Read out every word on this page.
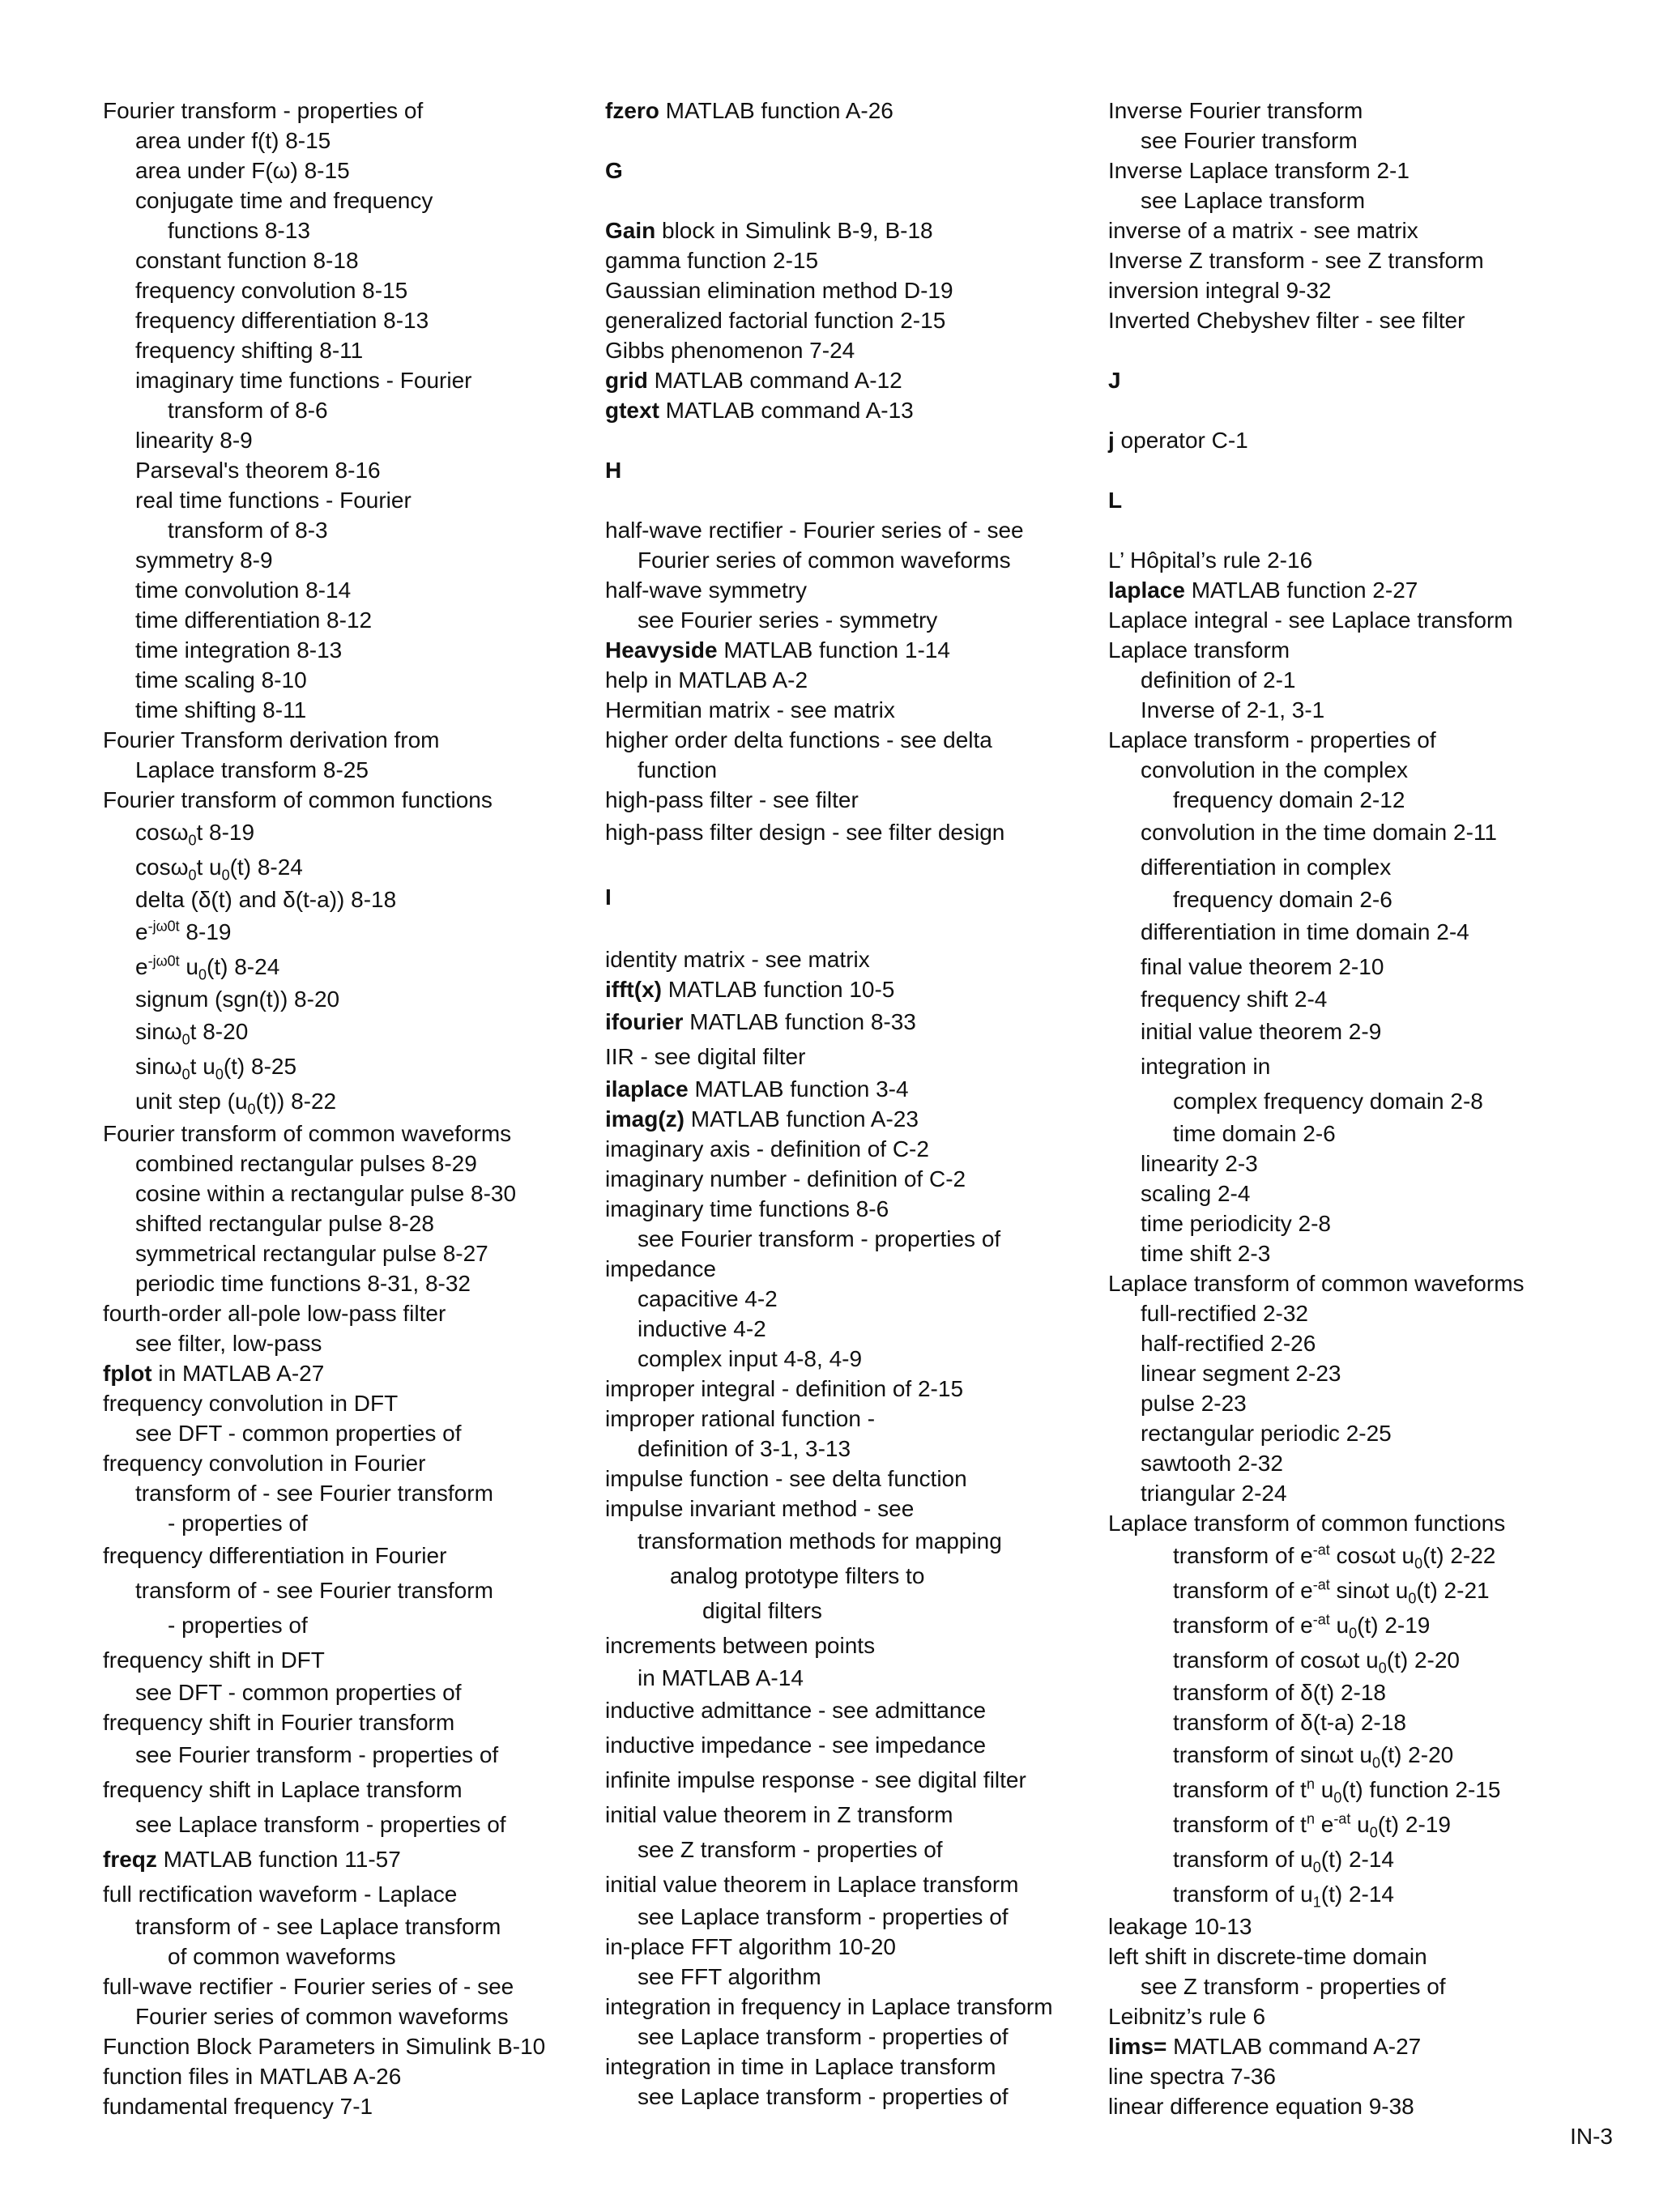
Fourier transform - properties of
area under f(t) 8-15
area under F(ω) 8-15
conjugate time and frequency
functions 8-13
constant function 8-18
frequency convolution 8-15
frequency differentiation 8-13
frequency shifting 8-11
imaginary time functions - Fourier
transform of 8-6
linearity 8-9
Parseval's theorem 8-16
real time functions - Fourier
transform of 8-3
symmetry 8-9
time convolution 8-14
time differentiation 8-12
time integration 8-13
time scaling 8-10
time shifting 8-11
Fourier Transform derivation from
Laplace transform 8-25
Fourier transform of common functions
cosω$_0$t 8-19
cosω$_0$t $u_0(t)$ 8-24
delta (δ(t) and δ(t-a)) 8-18
$e^{-j\omega 0t}$ 8-19
$e^{-j\omega 0t}$ $u_0(t)$ 8-24
signum (sgn(t)) 8-20
sinω$_0$t 8-20
sinω$_0$t $u_0(t)$ 8-25
unit step $(u_0(t))$ 8-22
Fourier transform of common waveforms
combined rectangular pulses 8-29
cosine within a rectangular pulse 8-30
shifted rectangular pulse 8-28
symmetrical rectangular pulse 8-27
periodic time functions 8-31, 8-32
fourth-order all-pole low-pass filter
see filter, low-pass
fplot in MATLAB A-27
frequency convolution in DFT
see DFT - common properties of
frequency convolution in Fourier
transform of - see Fourier transform
- properties of
frequency differentiation in Fourier
transform of - see Fourier transform
- properties of
frequency shift in DFT
see DFT - common properties of
frequency shift in Fourier transform
see Fourier transform - properties of
frequency shift in Laplace transform
see Laplace transform - properties of
freqz MATLAB function 11-57
full rectification waveform - Laplace
transform of - see Laplace transform
of common waveforms
full-wave rectifier - Fourier series of - see
Fourier series of common waveforms
Function Block Parameters in Simulink B-10
function files in MATLAB A-26
fundamental frequency 7-1
fzero MATLAB function A-26
G
Gain block in Simulink B-9, B-18
gamma function 2-15
Gaussian elimination method D-19
generalized factorial function 2-15
Gibbs phenomenon 7-24
grid MATLAB command A-12
gtext MATLAB command A-13
H
half-wave rectifier - Fourier series of - see
Fourier series of common waveforms
half-wave symmetry
see Fourier series - symmetry
Heavyside MATLAB function 1-14
help in MATLAB A-2
Hermitian matrix - see matrix
higher order delta functions - see delta
function
high-pass filter - see filter
high-pass filter design - see filter design
I
identity matrix - see matrix
ifft(x) MATLAB function 10-5
ifourier MATLAB function 8-33
IIR - see digital filter
ilaplace MATLAB function 3-4
imag(z) MATLAB function A-23
imaginary axis - definition of C-2
imaginary number - definition of C-2
imaginary time functions 8-6
see Fourier transform - properties of
impedance
capacitive 4-2
inductive 4-2
complex input 4-8, 4-9
improper integral - definition of 2-15
improper rational function -
definition of 3-1, 3-13
impulse function - see delta function
impulse invariant method - see
transformation methods for mapping
analog prototype filters to
digital filters
increments between points
in MATLAB A-14
inductive admittance - see admittance
inductive impedance - see impedance
infinite impulse response - see digital filter
initial value theorem in Z transform
see Z transform - properties of
initial value theorem in Laplace transform
see Laplace transform - properties of
in-place FFT algorithm 10-20
see FFT algorithm
integration in frequency in Laplace transform
see Laplace transform - properties of
integration in time in Laplace transform
see Laplace transform - properties of
Inverse Fourier transform
see Fourier transform
Inverse Laplace transform 2-1
see Laplace transform
inverse of a matrix - see matrix
Inverse Z transform - see Z transform
inversion integral 9-32
Inverted Chebyshev filter - see filter
J
j operator C-1
L
L’ Hôpital’s rule 2-16
laplace MATLAB function 2-27
Laplace integral - see Laplace transform
Laplace transform
definition of 2-1
Inverse of 2-1, 3-1
Laplace transform - properties of
convolution in the complex
frequency domain 2-12
convolution in the time domain 2-11
differentiation in complex
frequency domain 2-6
differentiation in time domain 2-4
final value theorem 2-10
frequency shift 2-4
initial value theorem 2-9
integration in
complex frequency domain 2-8
time domain 2-6
linearity 2-3
scaling 2-4
time periodicity 2-8
time shift 2-3
Laplace transform of common waveforms
full-rectified 2-32
half-rectified 2-26
linear segment 2-23
pulse 2-23
rectangular periodic 2-25
sawtooth 2-32
triangular 2-24
Laplace transform of common functions
transform of $e^{-at}$ cosωt $u_0(t)$ 2-22
transform of $e^{-at}$ sinωt $u_0(t)$ 2-21
transform of $e^{-at}$ $u_0(t)$ 2-19
transform of cosωt $u_0(t)$ 2-20
transform of δ(t) 2-18
transform of δ(t-a) 2-18
transform of sinωt $u_0(t)$ 2-20
transform of $t^n$ $u_0(t)$ function 2-15
transform of $t^n$ $e^{-at}$ $u_0(t)$ 2-19
transform of $u_0(t)$ 2-14
transform of $u_1(t)$ 2-14
leakage 10-13
left shift in discrete-time domain
see Z transform - properties of
Leibnitz’s rule 6
lims= MATLAB command A-27
line spectra 7-36
linear difference equation 9-38
IN-3
